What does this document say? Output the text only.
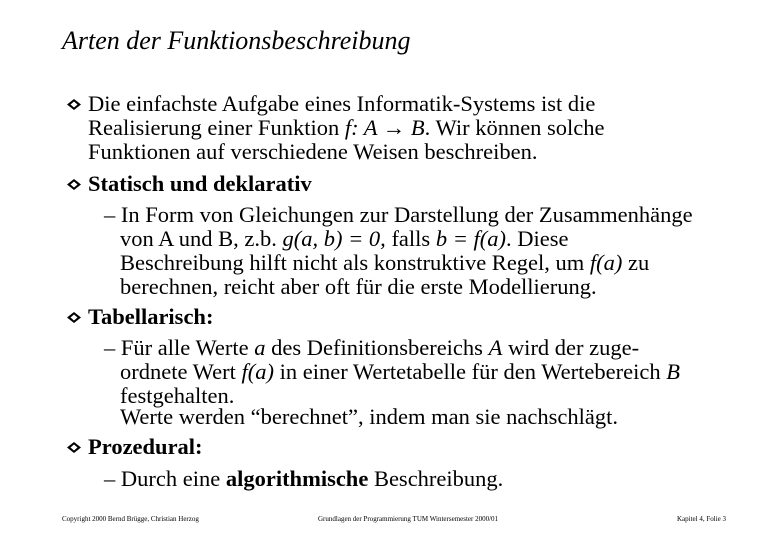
Arten der Funktionsbeschreibung
Die einfachste Aufgabe eines Informatik-Systems ist die
Realisierung einer Funktion f: A → B. Wir können solche
Funktionen auf verschiedene Weisen beschreiben.
Statisch und deklarativ
– In Form von Gleichungen zur Darstellung der Zusammenhänge
von A und B, z.b. g(a, b) = 0, falls b = f(a). Diese
Beschreibung hilft nicht als konstruktive Regel, um f(a) zu
berechnen, reicht aber oft für die erste Modellierung.
Tabellarisch:
– Für alle Werte a des Definitionsbereichs A wird der zuge-
ordnete Wert f(a) in einer Wertetabelle für den Wertebereich B
festgehalten.
Werte werden “berechnet”, indem man sie nachschlägt.
Prozedural:
– Durch eine algorithmische Beschreibung.
Copyright 2000 Bernd Brügge, Christian Herzog	Grundlagen der Programmierung TUM Wintersemester 2000/01	Kapitel 4, Folie 3
